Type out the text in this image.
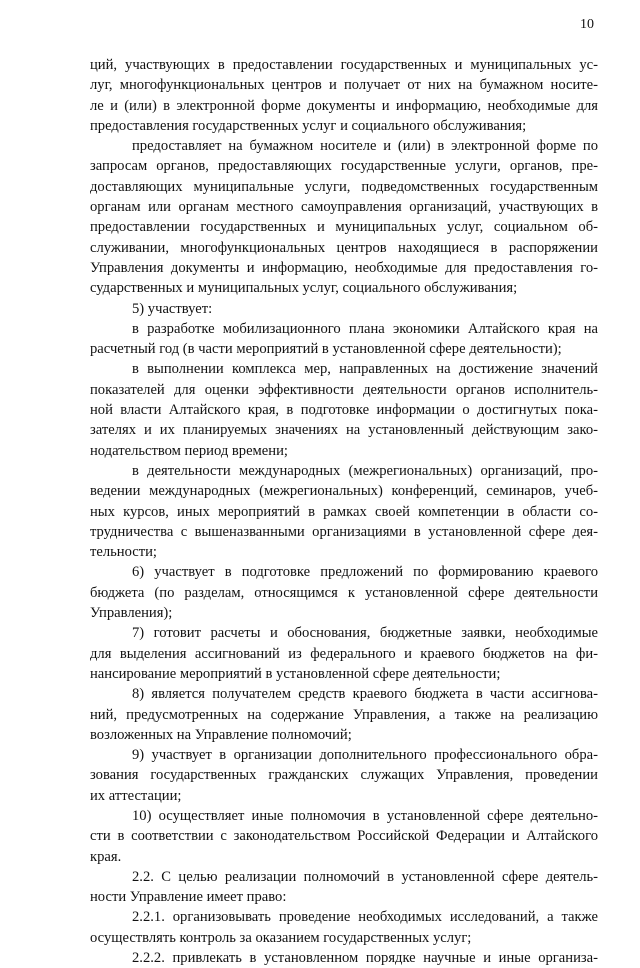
10
ций, участвующих в предоставлении государственных и муниципальных ус-
луг, многофункциональных центров и получает от них на бумажном носите-
ле и (или) в электронной форме документы и информацию, необходимые для
предоставления государственных услуг и социального обслуживания;
предоставляет на бумажном носителе и (или) в электронной форме по
запросам органов, предоставляющих государственные услуги, органов, пре-
доставляющих муниципальные услуги, подведомственных государственным
органам или органам местного самоуправления организаций, участвующих в
предоставлении государственных и муниципальных услуг, социальном об-
служивании, многофункциональных центров находящиеся в распоряжении
Управления документы и информацию, необходимые для предоставления го-
сударственных и муниципальных услуг, социального обслуживания;
5) участвует:
в разработке мобилизационного плана экономики Алтайского края на
расчетный год (в части мероприятий в установленной сфере деятельности);
в выполнении комплекса мер, направленных на достижение значений
показателей для оценки эффективности деятельности органов исполнитель-
ной власти Алтайского края, в подготовке информации о достигнутых пока-
зателях и их планируемых значениях на установленный действующим зако-
нодательством период времени;
в деятельности международных (межрегиональных) организаций, про-
ведении международных (межрегиональных) конференций, семинаров, учеб-
ных курсов, иных мероприятий в рамках своей компетенции в области со-
трудничества с вышеназванными организациями в установленной сфере дея-
тельности;
6) участвует в подготовке предложений по формированию краевого
бюджета (по разделам, относящимся к установленной сфере деятельности
Управления);
7) готовит расчеты и обоснования, бюджетные заявки, необходимые
для выделения ассигнований из федерального и краевого бюджетов на фи-
нансирование мероприятий в установленной сфере деятельности;
8) является получателем средств краевого бюджета в части ассигнова-
ний, предусмотренных на содержание Управления, а также на реализацию
возложенных на Управление полномочий;
9) участвует в организации дополнительного профессионального обра-
зования государственных гражданских служащих Управления, проведении
их аттестации;
10) осуществляет иные полномочия в установленной сфере деятельно-
сти в соответствии с законодательством Российской Федерации и Алтайского
края.
2.2. С целью реализации полномочий в установленной сфере деятель-
ности Управление имеет право:
2.2.1. организовывать проведение необходимых исследований, а также
осуществлять контроль за оказанием государственных услуг;
2.2.2. привлекать в установленном порядке научные и иные организа-
